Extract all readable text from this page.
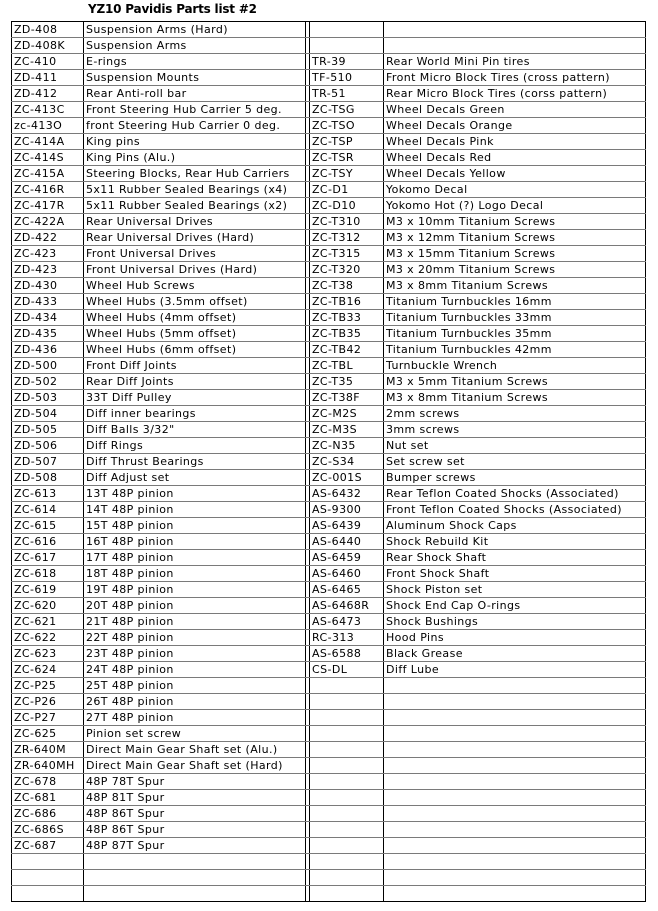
YZ10 Pavidis Parts list #2
ZD-408	Suspension Arms (Hard)			
ZD-408K	Suspension Arms			
ZC-410	E-rings		TR-39	Rear World Mini Pin tires
ZD-411	Suspension Mounts		TF-510	Front Micro Block Tires (cross pattern)
ZD-412	Rear Anti-roll bar		TR-51	Rear Micro Block Tires (corss pattern)
ZC-413C	Front Steering Hub Carrier 5 deg.		ZC-TSG	Wheel Decals Green
zc-413O	front Steering Hub Carrier 0 deg.		ZC-TSO	Wheel Decals Orange
ZC-414A	King pins		ZC-TSP	Wheel Decals Pink
ZC-414S	King Pins (Alu.)		ZC-TSR	Wheel Decals Red
ZC-415A	Steering Blocks, Rear Hub Carriers		ZC-TSY	Wheel Decals Yellow
ZC-416R	5x11 Rubber Sealed Bearings (x4)		ZC-D1	Yokomo Decal
ZC-417R	5x11 Rubber Sealed Bearings (x2)		ZC-D10	Yokomo Hot (?) Logo Decal
ZC-422A	Rear Universal Drives		ZC-T310	M3 x 10mm Titanium Screws
ZD-422	Rear Universal Drives (Hard)		ZC-T312	M3 x 12mm Titanium Screws
ZC-423	Front Universal Drives		ZC-T315	M3 x 15mm Titanium Screws
ZD-423	Front Universal Drives (Hard)		ZC-T320	M3 x 20mm Titanium Screws
ZD-430	Wheel Hub Screws		ZC-T38	M3 x 8mm Titanium Screws
ZD-433	Wheel Hubs (3.5mm offset)		ZC-TB16	Titanium Turnbuckles 16mm
ZD-434	Wheel Hubs (4mm offset)		ZC-TB33	Titanium Turnbuckles 33mm
ZD-435	Wheel Hubs (5mm offset)		ZC-TB35	Titanium Turnbuckles 35mm
ZD-436	Wheel Hubs (6mm offset)		ZC-TB42	Titanium Turnbuckles 42mm
ZD-500	Front Diff Joints		ZC-TBL	Turnbuckle Wrench
ZD-502	Rear Diff Joints		ZC-T35	M3 x 5mm Titanium Screws
ZD-503	33T Diff Pulley		ZC-T38F	M3 x 8mm Titanium Screws
ZD-504	Diff inner bearings		ZC-M2S	2mm screws
ZD-505	Diff Balls 3/32"		ZC-M3S	3mm screws
ZD-506	Diff Rings		ZC-N35	Nut set
ZD-507	Diff Thrust Bearings		ZC-S34	Set screw set
ZD-508	Diff Adjust set		ZC-001S	Bumper screws
ZC-613	13T 48P pinion		AS-6432	Rear Teflon Coated Shocks (Associated)
ZC-614	14T 48P pinion		AS-9300	Front Teflon Coated Shocks (Associated)
ZC-615	15T 48P pinion		AS-6439	Aluminum Shock Caps
ZC-616	16T 48P pinion		AS-6440	Shock Rebuild Kit
ZC-617	17T 48P pinion		AS-6459	Rear Shock Shaft
ZC-618	18T 48P pinion		AS-6460	Front Shock Shaft
ZC-619	19T 48P pinion		AS-6465	Shock Piston set
ZC-620	20T 48P pinion		AS-6468R	Shock End Cap O-rings
ZC-621	21T 48P pinion		AS-6473	Shock Bushings
ZC-622	22T 48P pinion		RC-313	Hood Pins
ZC-623	23T 48P pinion		AS-6588	Black Grease
ZC-624	24T 48P pinion		CS-DL	Diff Lube
ZC-P25	25T 48P pinion			
ZC-P26	26T 48P pinion			
ZC-P27	27T 48P pinion			
ZC-625	Pinion set screw			
ZR-640M	Direct Main Gear Shaft set (Alu.)			
ZR-640MH	Direct Main Gear Shaft set (Hard)			
ZC-678	48P 78T Spur			
ZC-681	48P 81T Spur			
ZC-686	48P 86T Spur			
ZC-686S	48P 86T Spur			
ZC-687	48P 87T Spur			
